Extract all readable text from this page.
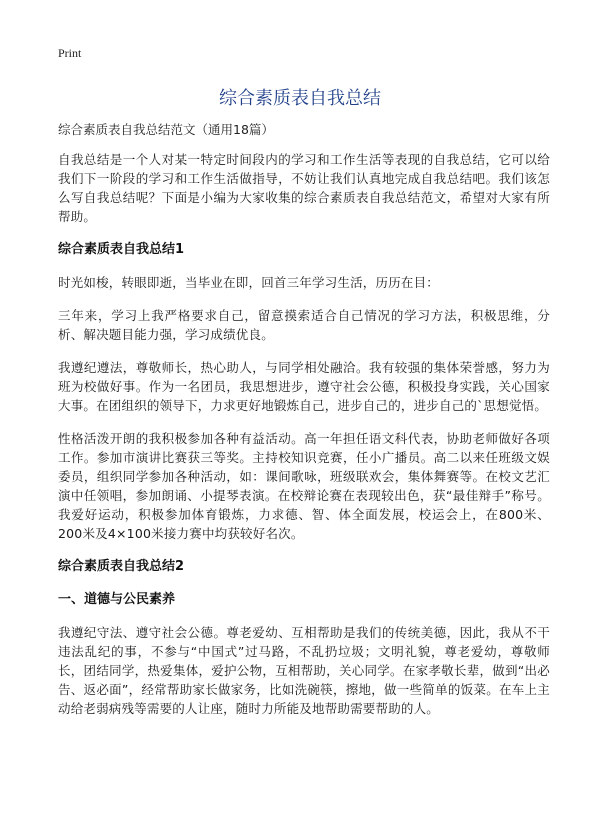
Print
综合素质表自我总结

综合素质表自我总结范文（通用18篇）

自我总结是一个人对某一特定时间段内的学习和工作生活等表现的自我总结，它可以给我们下一阶段的学习和工作生活做指导，不妨让我们认真地完成自我总结吧。我们该怎么写自我总结呢？下面是小编为大家收集的综合素质表自我总结范文，希望对大家有所帮助。

综合素质表自我总结1

时光如梭，转眼即逝，当毕业在即，回首三年学习生活，历历在目：

三年来，学习上我严格要求自己，留意摸索适合自己情况的学习方法，积极思维，分析、解决题目能力强，学习成绩优良。

我遵纪遵法，尊敬师长，热心助人，与同学相处融洽。我有较强的集体荣誉感，努力为班为校做好事。作为一名团员，我思想进步，遵守社会公德，积极投身实践，关心国家大事。在团组织的领导下，力求更好地锻炼自己，进步自己的，进步自己的`思想觉悟。

性格活泼开朗的我积极参加各种有益活动。高一年担任语文科代表，协助老师做好各项工作。参加市演讲比赛获三等奖。主持校知识竞赛，任小广播员。高二以来任班级文娱委员，组织同学参加各种活动，如：课间歌咏，班级联欢会，集体舞赛等。在校文艺汇演中任领唱，参加朗诵、小提琴表演。在校辩论赛在表现较出色，获“最佳辩手”称号。我爱好运动，积极参加体育锻炼，力求德、智、体全面发展，校运会上，在800米、200米及4×100米接力赛中均获较好名次。

综合素质表自我总结2
一、道德与公民素养

我遵纪守法、遵守社会公德。尊老爱幼、互相帮助是我们的传统美德，因此，我从不干违法乱纪的事，不参与“中国式”过马路，不乱扔垃圾；文明礼貌，尊老爱幼，尊敬师长，团结同学，热爱集体，爱护公物，互相帮助，关心同学。在家孝敬长辈，做到“出必告、返必面”，经常帮助家长做家务，比如洗碗筷，擦地，做一些简单的饭菜。在车上主动给老弱病残等需要的人让座，随时力所能及地帮助需要帮助的人。
